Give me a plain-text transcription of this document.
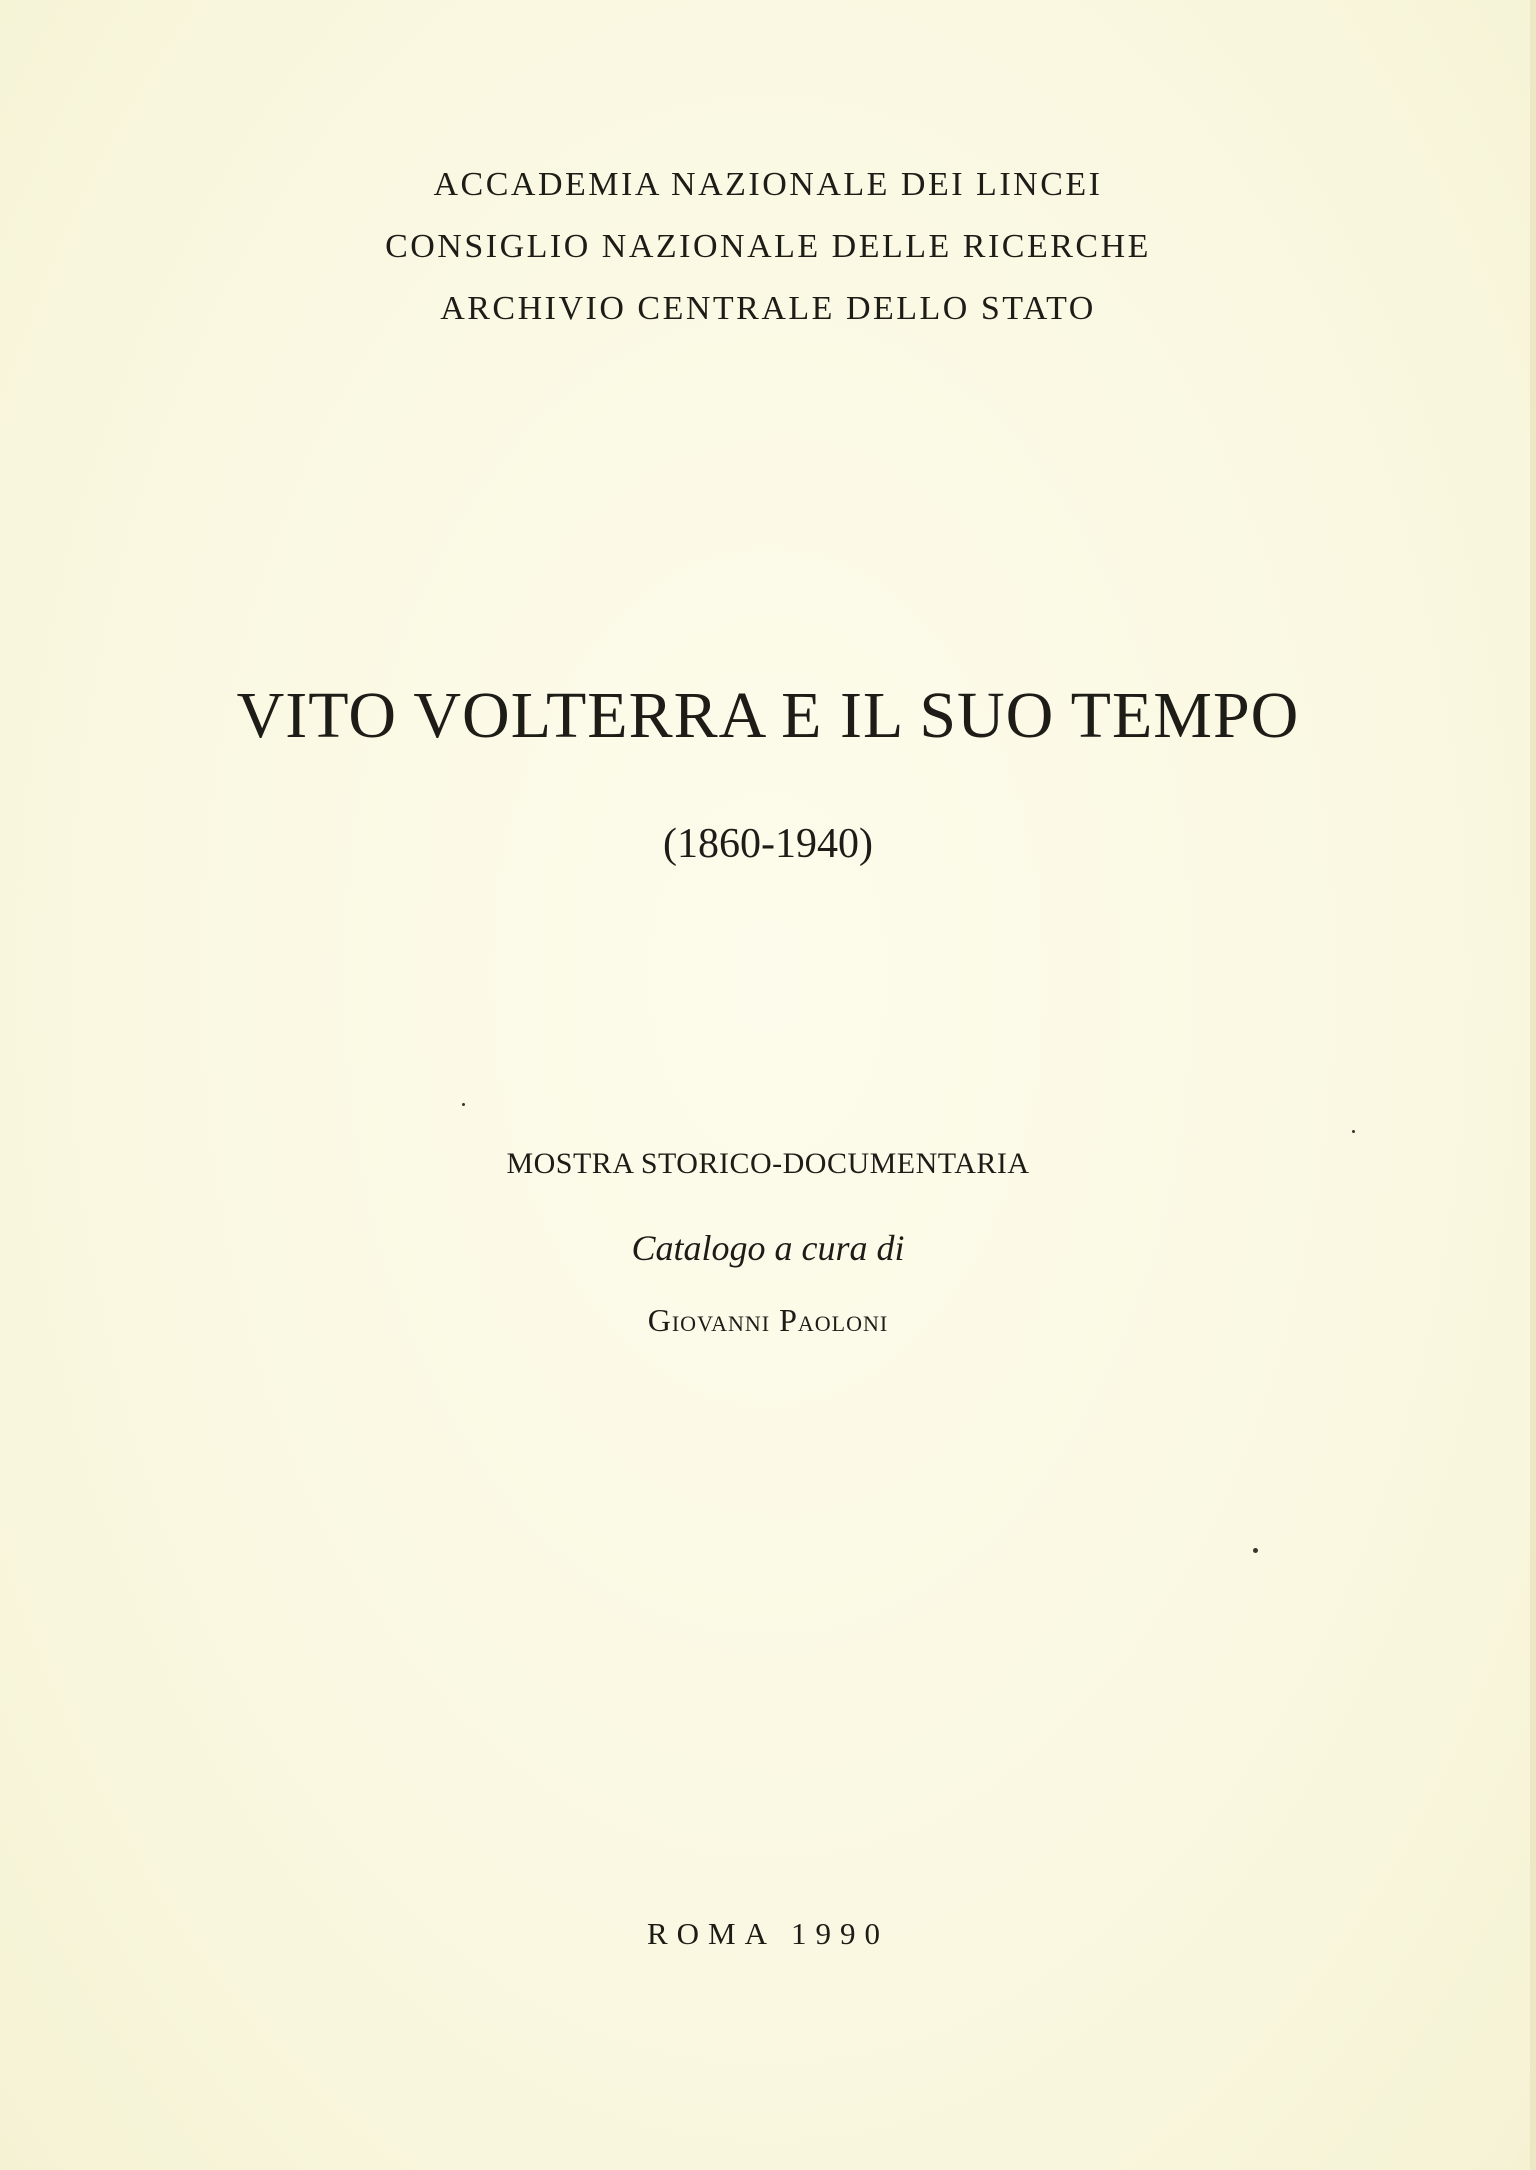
ACCADEMIA NAZIONALE DEI LINCEI
CONSIGLIO NAZIONALE DELLE RICERCHE
ARCHIVIO CENTRALE DELLO STATO
VITO VOLTERRA E IL SUO TEMPO
(1860-1940)
MOSTRA STORICO-DOCUMENTARIA
Catalogo a cura di
Giovanni Paoloni
ROMA 1990
